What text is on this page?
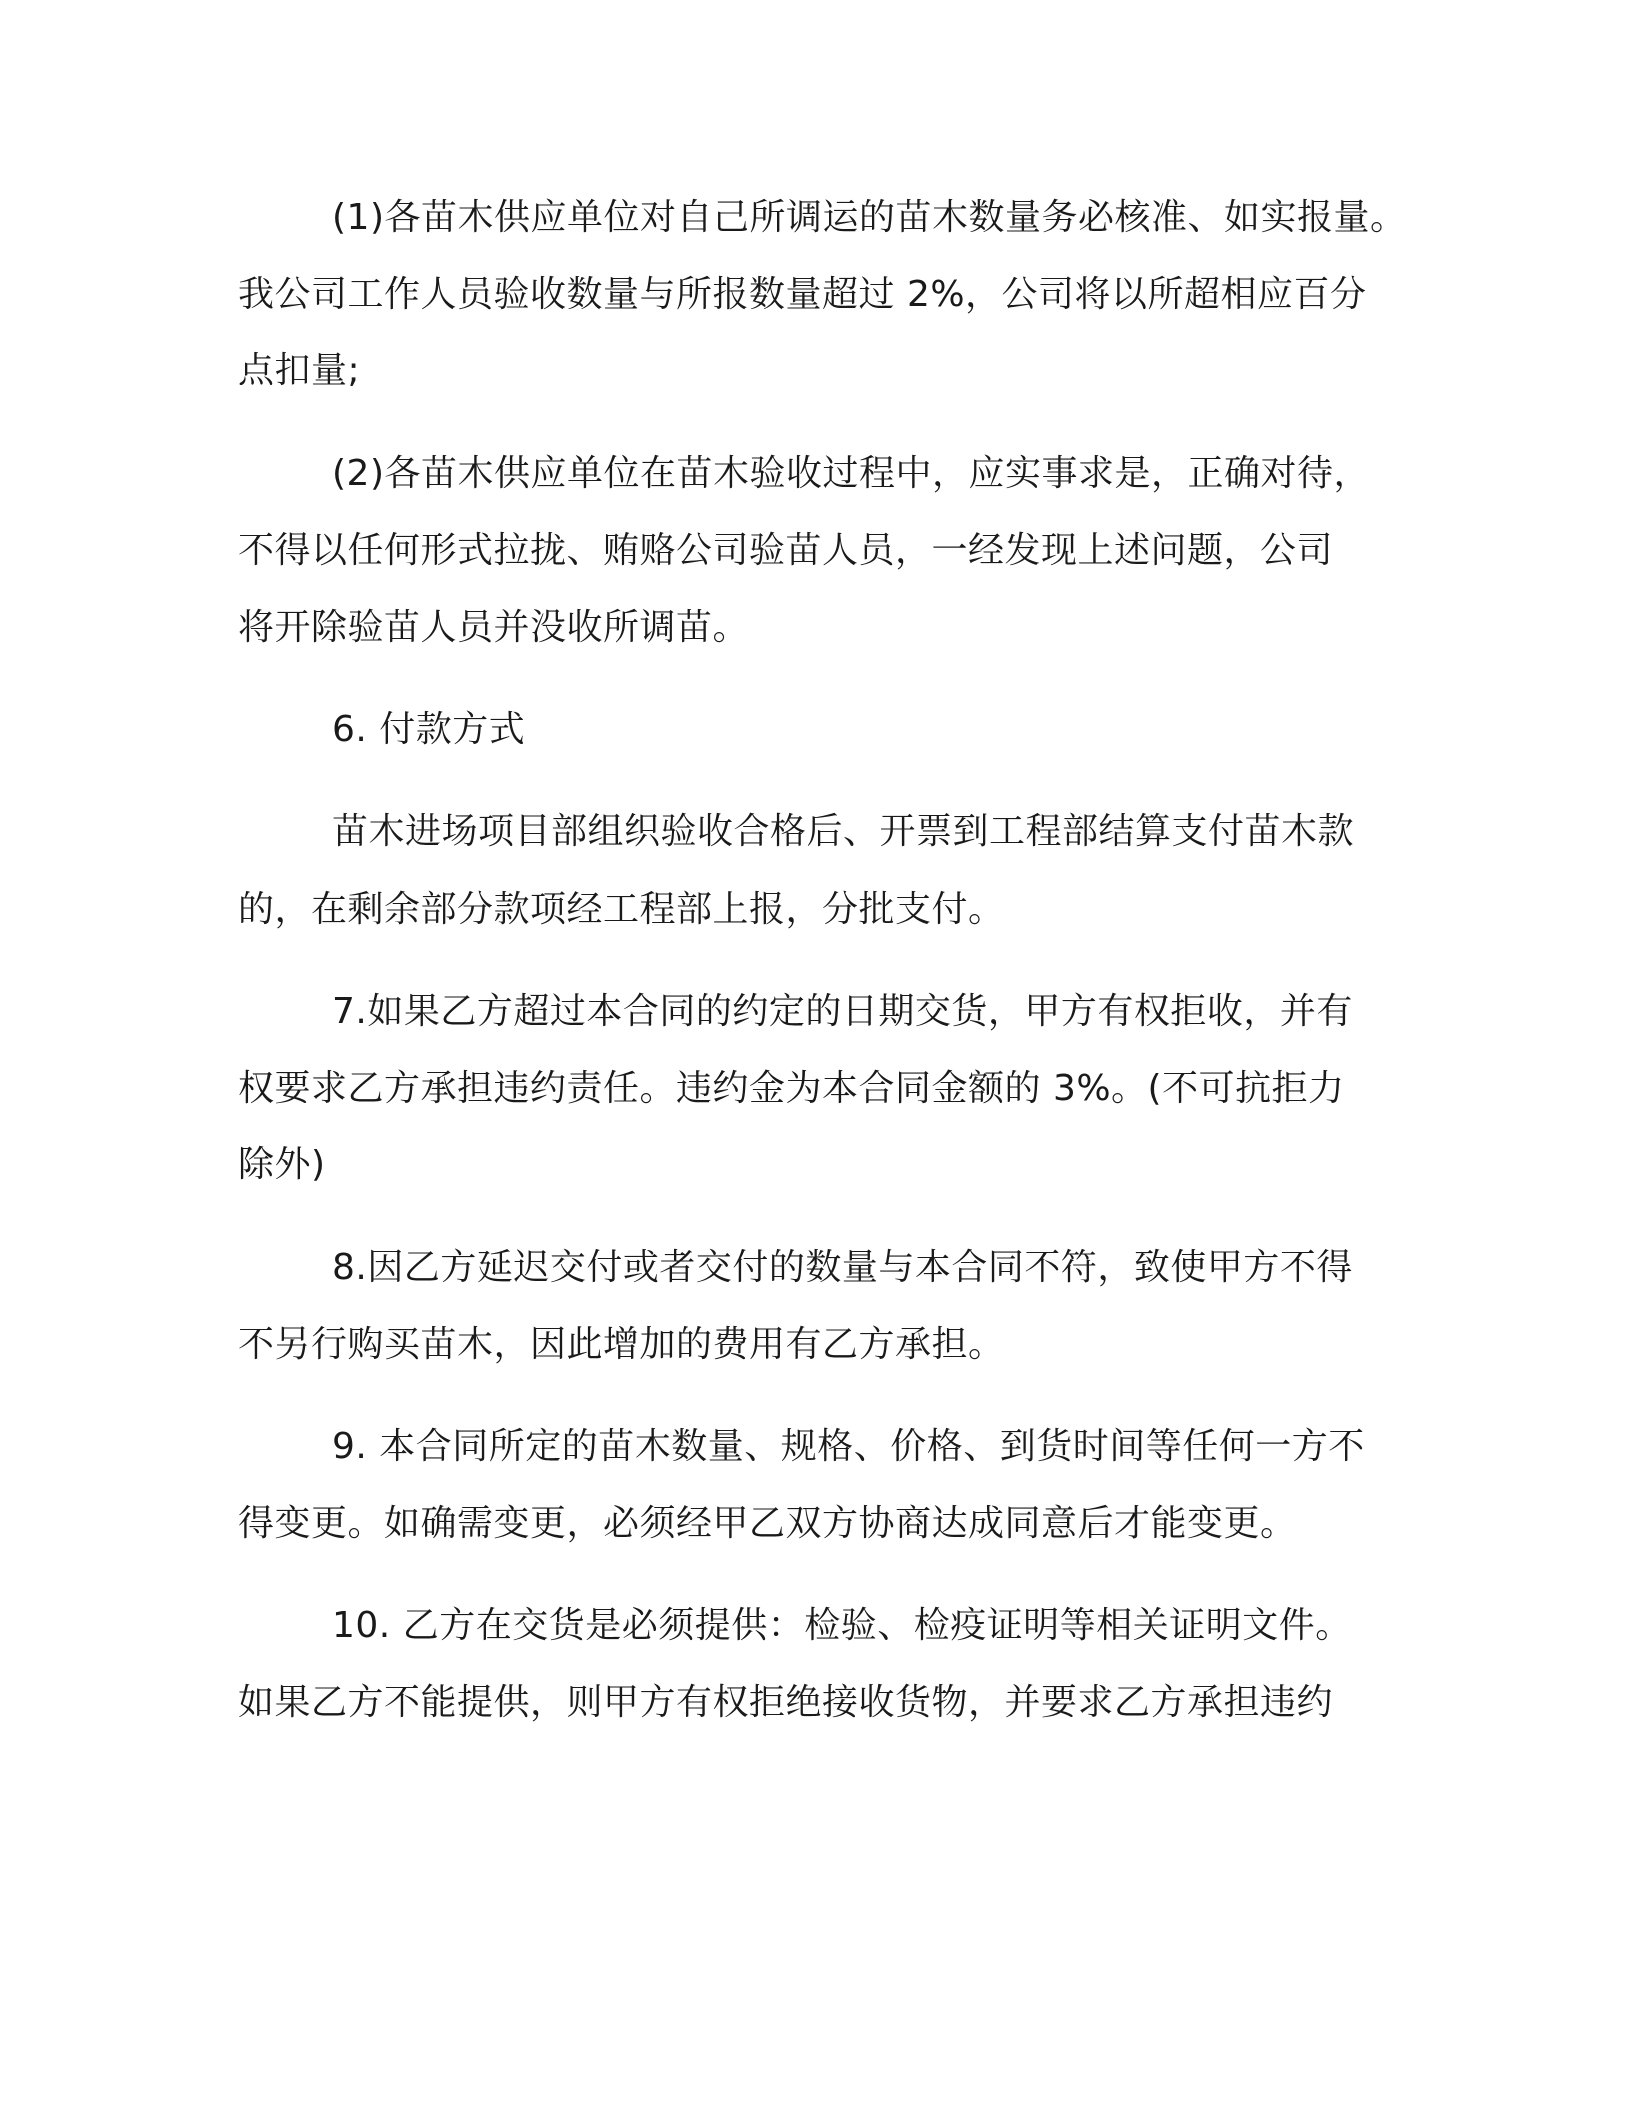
(1)各苗木供应单位对自己所调运的苗木数量务必核准、如实报量。
我公司工作人员验收数量与所报数量超过 2%，公司将以所超相应百分
点扣量;
(2)各苗木供应单位在苗木验收过程中，应实事求是，正确对待，
不得以任何形式拉拢、贿赂公司验苗人员，一经发现上述问题，公司
将开除验苗人员并没收所调苗。
6. 付款方式
苗木进场项目部组织验收合格后、开票到工程部结算支付苗木款
的，在剩余部分款项经工程部上报，分批支付。
7.如果乙方超过本合同的约定的日期交货，甲方有权拒收，并有
权要求乙方承担违约责任。违约金为本合同金额的 3%。(不可抗拒力
除外)
8.因乙方延迟交付或者交付的数量与本合同不符，致使甲方不得
不另行购买苗木，因此增加的费用有乙方承担。
9. 本合同所定的苗木数量、规格、价格、到货时间等任何一方不
得变更。如确需变更，必须经甲乙双方协商达成同意后才能变更。
10. 乙方在交货是必须提供：检验、检疫证明等相关证明文件。
如果乙方不能提供，则甲方有权拒绝接收货物，并要求乙方承担违约
